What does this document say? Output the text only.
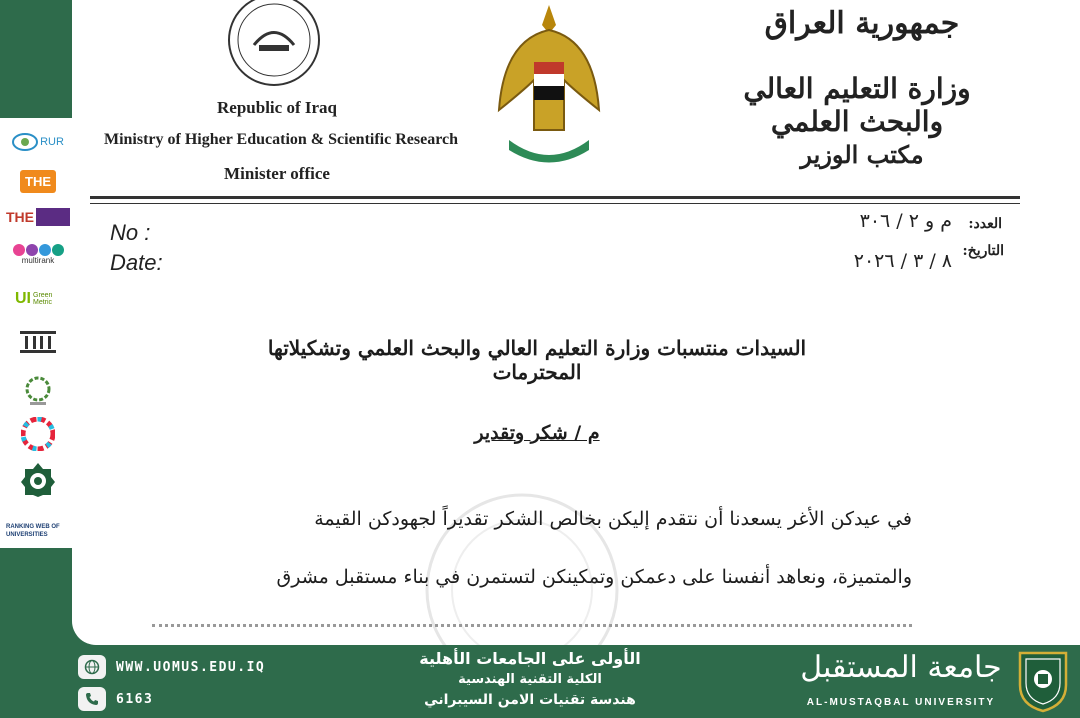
RUR
THE
THE
multirank
UI Green Metric
RANKING WEB OF UNIVERSITIES
Republic of Iraq
Ministry of Higher Education & Scientific Research
Minister office
جمهورية العراق
وزارة التعليم العالي والبحث العلمي
مكتب الوزير
No :
Date:
العدد:
التاريخ:
م و ٢ / ٣٠٦
٨ / ٣ / ٢٠٢٦
السيدات منتسبات وزارة التعليم العالي والبحث العلمي وتشكيلاتها المحترمات
م / شكر وتقدير
في عيدكن الأغر يسعدنا أن نتقدم إليكن بخالص الشكر تقديراً لجهودكن القيمة
والمتميزة، ونعاهد أنفسنا على دعمكن وتمكينكن لتستمرن في بناء مستقبل مشرق
WWW.UOMUS.EDU.IQ
6163
الأولى على الجامعات الأهلية
الكلية التقنية الهندسية
هندسة تقنيات الامن السيبراني
جامعة المستقبل
AL-MUSTAQBAL UNIVERSITY
